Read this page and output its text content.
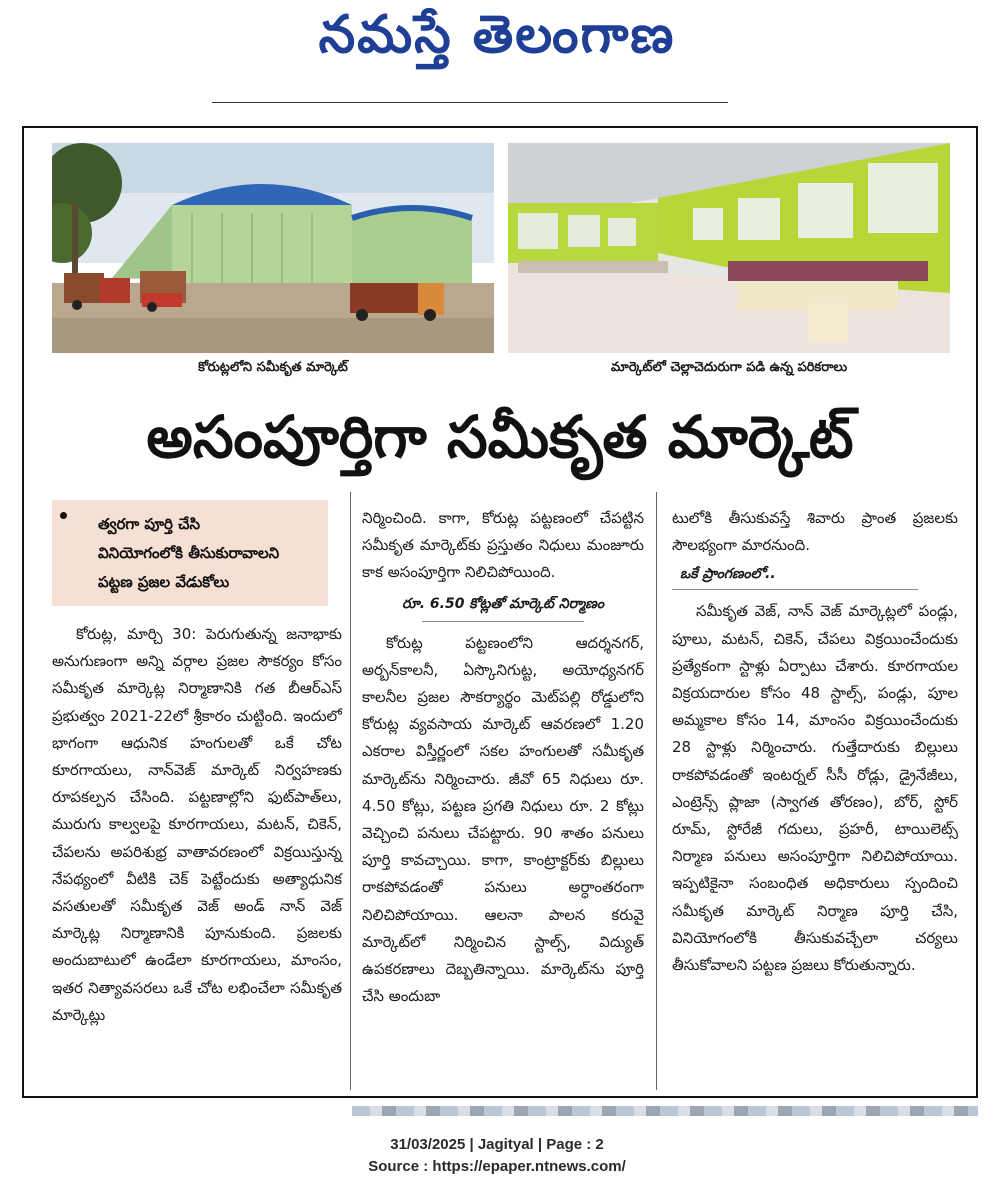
నమస్తే తెలంగాణ
కోరుట్లలోని సమీకృత మార్కెట్	మార్కెట్‌లో చెల్లాచెదురుగా పడి ఉన్న పరికరాలు
అసంపూర్తిగా సమీకృత మార్కెట్
త్వరగా పూర్తి చేసి
వినియోగంలోకి తీసుకురావాలని
పట్టణ ప్రజల వేడుకోలు

కోరుట్ల, మార్చి 30: పెరుగుతున్న జనాభాకు అనుగుణంగా అన్ని వర్గాల ప్రజల సౌకర్యం కోసం సమీకృత మార్కెట్ల నిర్మాణానికి గత బీఆర్‌ఎస్ ప్రభుత్వం 2021-22లో శ్రీకారం చుట్టింది. ఇందులో భాగంగా ఆధునిక హంగులతో ఒకే చోట కూరగాయలు, నాన్‌వెజ్ మార్కెట్ నిర్వహణకు రూపకల్పన చేసింది. పట్టణాల్లోని ఫుట్‌పాత్‌లు, మురుగు కాల్వలపై కూరగాయలు, మటన్, చికెన్, చేపలను అపరిశుభ్ర వాతావరణంలో విక్రయిస్తున్న నేపథ్యంలో వీటికి చెక్ పెట్టేందుకు అత్యాధునిక వసతులతో సమీకృత వెజ్ అండ్ నాన్ వెజ్ మార్కెట్ల నిర్మాణానికి పూనుకుంది. ప్రజలకు అందుబాటులో ఉండేలా కూరగాయలు, మాంసం, ఇతర నిత్యావసరలు ఒకే చోట లభించేలా సమీకృత మార్కెట్లు

నిర్మించింది. కాగా, కోరుట్ల పట్టణంలో చేపట్టిన సమీకృత మార్కెట్‌కు ప్రస్తుతం నిధులు మంజూరు కాక అసంపూర్తిగా నిలిచిపోయింది.

రూ. 6.50 కోట్లతో మార్కెట్ నిర్మాణం

కోరుట్ల పట్టణంలోని ఆదర్శనగర్, అర్బన్‌కాలనీ, ఏస్కొనిగుట్ట, అయోధ్యనగర్ కాలనీల ప్రజల సౌకర్యార్థం మెట్‌పల్లి రోడ్డులోని కోరుట్ల వ్యవసాయ మార్కెట్ ఆవరణలో 1.20 ఎకరాల విస్తీర్ణంలో సకల హంగులతో సమీకృత మార్కెట్‌ను నిర్మించారు. జీవో 65 నిధులు రూ. 4.50 కోట్లు, పట్టణ ప్రగతి నిధులు రూ. 2 కోట్లు వెచ్చించి పనులు చేపట్టారు. 90 శాతం పనులు పూర్తి కావచ్చాయి. కాగా, కాంట్రాక్టర్‌కు బిల్లులు రాకపోవడంతో పనులు అర్ధాంతరంగా నిలిచిపోయాయి. ఆలనా పాలన కరువై మార్కెట్‌లో నిర్మించిన స్టాల్స్, విద్యుత్ ఉపకరణాలు దెబ్బతిన్నాయి. మార్కెట్‌ను పూర్తి చేసి అందుబా

టులోకి తీసుకువస్తే శివారు ప్రాంత ప్రజలకు సౌలభ్యంగా మారనుంది.

ఒకే ప్రాంగణంలో..

సమీకృత వెజ్, నాన్ వెజ్ మార్కెట్లలో పండ్లు, పూలు, మటన్, చికెన్, చేపలు విక్రయించేందుకు ప్రత్యేకంగా స్టాళ్లు ఏర్పాటు చేశారు. కూరగాయల విక్రయదారుల కోసం 48 స్టాల్స్, పండ్లు, పూల అమ్మకాల కోసం 14, మాంసం విక్రయించేందుకు 28 స్టాళ్లు నిర్మించారు. గుత్తేదారుకు బిల్లులు రాకపోవడంతో ఇంటర్నల్ సీసీ రోడ్లు, డ్రైనేజీలు, ఎంట్రెన్స్ ప్లాజా (స్వాగత తోరణం), బోర్, స్టోర్ రూమ్, స్టోరేజీ గదులు, ప్రహరీ, టాయిలెట్స్ నిర్మాణ పనులు అసంపూర్తిగా నిలిచిపోయాయి. ఇప్పటికైనా సంబంధిత అధికారులు స్పందించి సమీకృత మార్కెట్ నిర్మాణ పూర్తి చేసి, వినియోగంలోకి తీసుకువచ్చేలా చర్యలు తీసుకోవాలని పట్టణ ప్రజలు కోరుతున్నారు.

31/03/2025 | Jagityal | Page : 2
Source : https://epaper.ntnews.com/
